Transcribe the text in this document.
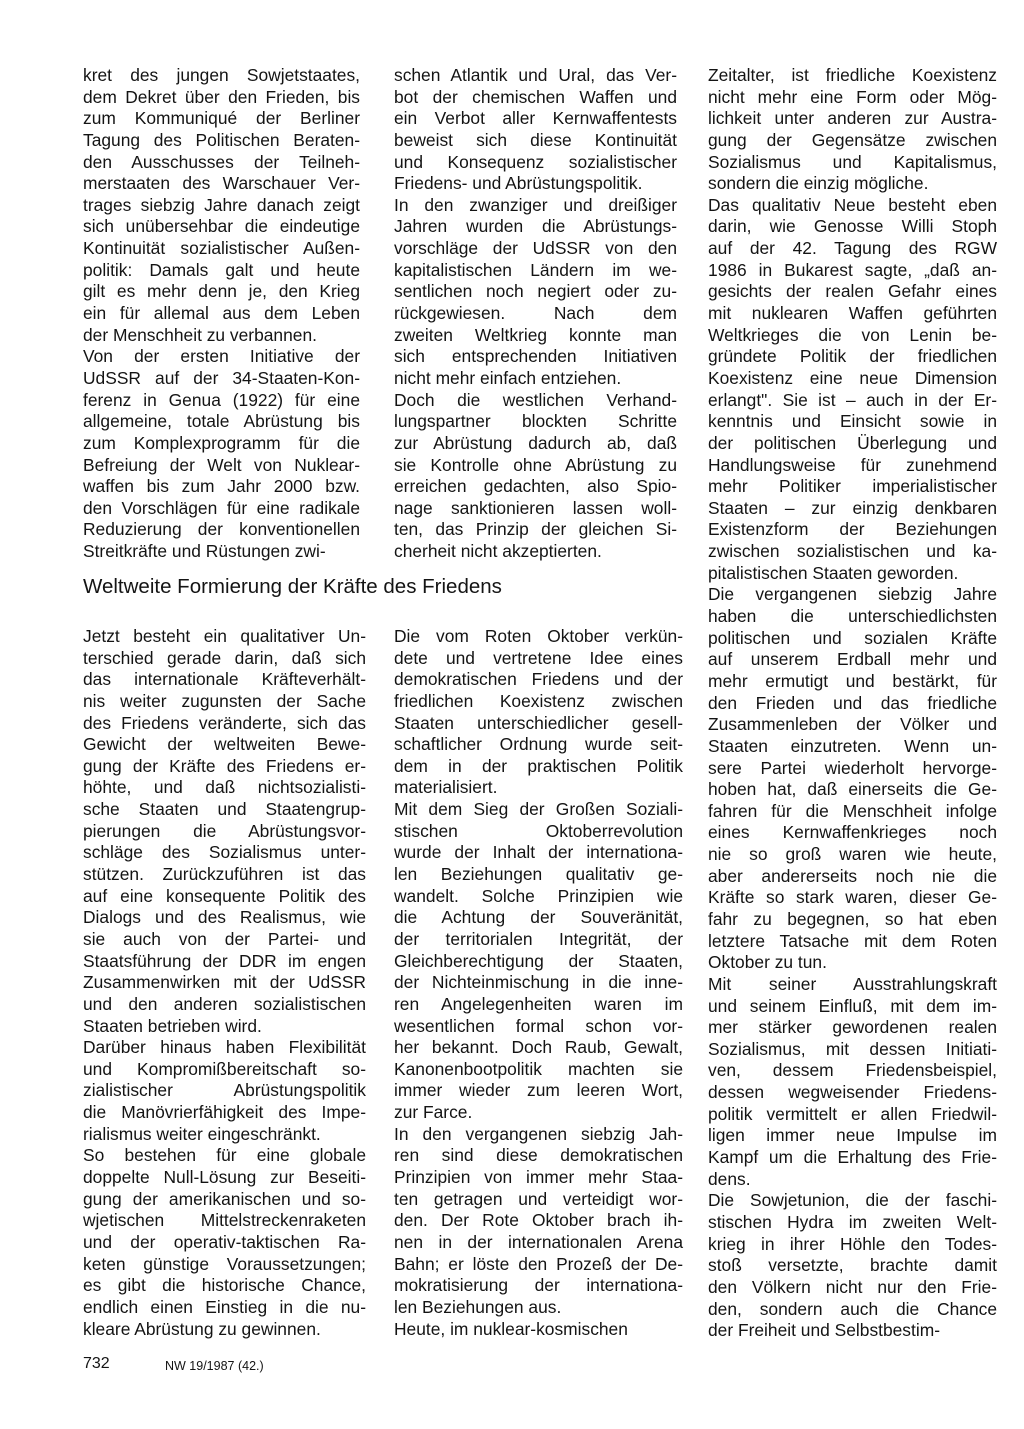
kret des jungen Sowjetstaates,
dem Dekret über den Frieden, bis
zum Kommuniqué der Berliner
Tagung des Politischen Beraten-
den Ausschusses der Teilneh-
merstaaten des Warschauer Ver-
trages siebzig Jahre danach zeigt
sich unübersehbar die eindeutige
Kontinuität sozialistischer Außen-
politik: Damals galt und heute
gilt es mehr denn je, den Krieg
ein für allemal aus dem Leben
der Menschheit zu verbannen.
Von der ersten Initiative der
UdSSR auf der 34-Staaten-Kon-
ferenz in Genua (1922) für eine
allgemeine, totale Abrüstung bis
zum Komplexprogramm für die
Befreiung der Welt von Nuklear-
waffen bis zum Jahr 2000 bzw.
den Vorschlägen für eine radikale
Reduzierung der konventionellen
Streitkräfte und Rüstungen zwi-
schen Atlantik und Ural, das Ver-
bot der chemischen Waffen und
ein Verbot aller Kernwaffentests
beweist sich diese Kontinuität
und Konsequenz sozialistischer
Friedens- und Abrüstungspolitik.
In den zwanziger und dreißiger
Jahren wurden die Abrüstungs-
vorschläge der UdSSR von den
kapitalistischen Ländern im we-
sentlichen noch negiert oder zu-
rückgewiesen. Nach dem
zweiten Weltkrieg konnte man
sich entsprechenden Initiativen
nicht mehr einfach entziehen.
Doch die westlichen Verhand-
lungspartner blockten Schritte
zur Abrüstung dadurch ab, daß
sie Kontrolle ohne Abrüstung zu
erreichen gedachten, also Spio-
nage sanktionieren lassen woll-
ten, das Prinzip der gleichen Si-
cherheit nicht akzeptierten.
Weltweite Formierung der Kräfte des Friedens
Jetzt besteht ein qualitativer Un-
terschied gerade darin, daß sich
das internationale Kräfteverhält-
nis weiter zugunsten der Sache
des Friedens veränderte, sich das
Gewicht der weltweiten Bewe-
gung der Kräfte des Friedens er-
höhte, und daß nichtsozialisti-
sche Staaten und Staatengrup-
pierungen die Abrüstungsvor-
schläge des Sozialismus unter-
stützen. Zurückzuführen ist das
auf eine konsequente Politik des
Dialogs und des Realismus, wie
sie auch von der Partei- und
Staatsführung der DDR im engen
Zusammenwirken mit der UdSSR
und den anderen sozialistischen
Staaten betrieben wird.
Darüber hinaus haben Flexibilität
und Kompromißbereitschaft so-
zialistischer Abrüstungspolitik
die Manövrierfähigkeit des Impe-
rialismus weiter eingeschränkt.
So bestehen für eine globale
doppelte Null-Lösung zur Beseiti-
gung der amerikanischen und so-
wjetischen Mittelstreckenraketen
und der operativ-taktischen Ra-
keten günstige Voraussetzungen;
es gibt die historische Chance,
endlich einen Einstieg in die nu-
kleare Abrüstung zu gewinnen.
Die vom Roten Oktober verkün-
dete und vertretene Idee eines
demokratischen Friedens und der
friedlichen Koexistenz zwischen
Staaten unterschiedlicher gesell-
schaftlicher Ordnung wurde seit-
dem in der praktischen Politik
materialisiert.
Mit dem Sieg der Großen Soziali-
stischen Oktoberrevolution
wurde der Inhalt der internationa-
len Beziehungen qualitativ ge-
wandelt. Solche Prinzipien wie
die Achtung der Souveränität,
der territorialen Integrität, der
Gleichberechtigung der Staaten,
der Nichteinmischung in die inne-
ren Angelegenheiten waren im
wesentlichen formal schon vor-
her bekannt. Doch Raub, Gewalt,
Kanonenbootpolitik machten sie
immer wieder zum leeren Wort,
zur Farce.
In den vergangenen siebzig Jah-
ren sind diese demokratischen
Prinzipien von immer mehr Staa-
ten getragen und verteidigt wor-
den. Der Rote Oktober brach ih-
nen in der internationalen Arena
Bahn; er löste den Prozeß der De-
mokratisierung der internationa-
len Beziehungen aus.
Heute, im nuklear-kosmischen
Zeitalter, ist friedliche Koexistenz
nicht mehr eine Form oder Mög-
lichkeit unter anderen zur Austra-
gung der Gegensätze zwischen
Sozialismus und Kapitalismus,
sondern die einzig mögliche.
Das qualitativ Neue besteht eben
darin, wie Genosse Willi Stoph
auf der 42. Tagung des RGW
1986 in Bukarest sagte, „daß an-
gesichts der realen Gefahr eines
mit nuklearen Waffen geführten
Weltkrieges die von Lenin be-
gründete Politik der friedlichen
Koexistenz eine neue Dimension
erlangt". Sie ist – auch in der Er-
kenntnis und Einsicht sowie in
der politischen Überlegung und
Handlungsweise für zunehmend
mehr Politiker imperialistischer
Staaten – zur einzig denkbaren
Existenzform der Beziehungen
zwischen sozialistischen und ka-
pitalistischen Staaten geworden.
Die vergangenen siebzig Jahre
haben die unterschiedlichsten
politischen und sozialen Kräfte
auf unserem Erdball mehr und
mehr ermutigt und bestärkt, für
den Frieden und das friedliche
Zusammenleben der Völker und
Staaten einzutreten. Wenn un-
sere Partei wiederholt hervorge-
hoben hat, daß einerseits die Ge-
fahren für die Menschheit infolge
eines Kernwaffenkrieges noch
nie so groß waren wie heute,
aber andererseits noch nie die
Kräfte so stark waren, dieser Ge-
fahr zu begegnen, so hat eben
letztere Tatsache mit dem Roten
Oktober zu tun.
Mit seiner Ausstrahlungskraft
und seinem Einfluß, mit dem im-
mer stärker gewordenen realen
Sozialismus, mit dessen Initiati-
ven, dessem Friedensbeispiel,
dessen wegweisender Friedens-
politik vermittelt er allen Friedwil-
ligen immer neue Impulse im
Kampf um die Erhaltung des Frie-
dens.
Die Sowjetunion, die der faschi-
stischen Hydra im zweiten Welt-
krieg in ihrer Höhle den Todes-
stoß versetzte, brachte damit
den Völkern nicht nur den Frie-
den, sondern auch die Chance
der Freiheit und Selbstbestim-
732	NW 19/1987 (42.)
